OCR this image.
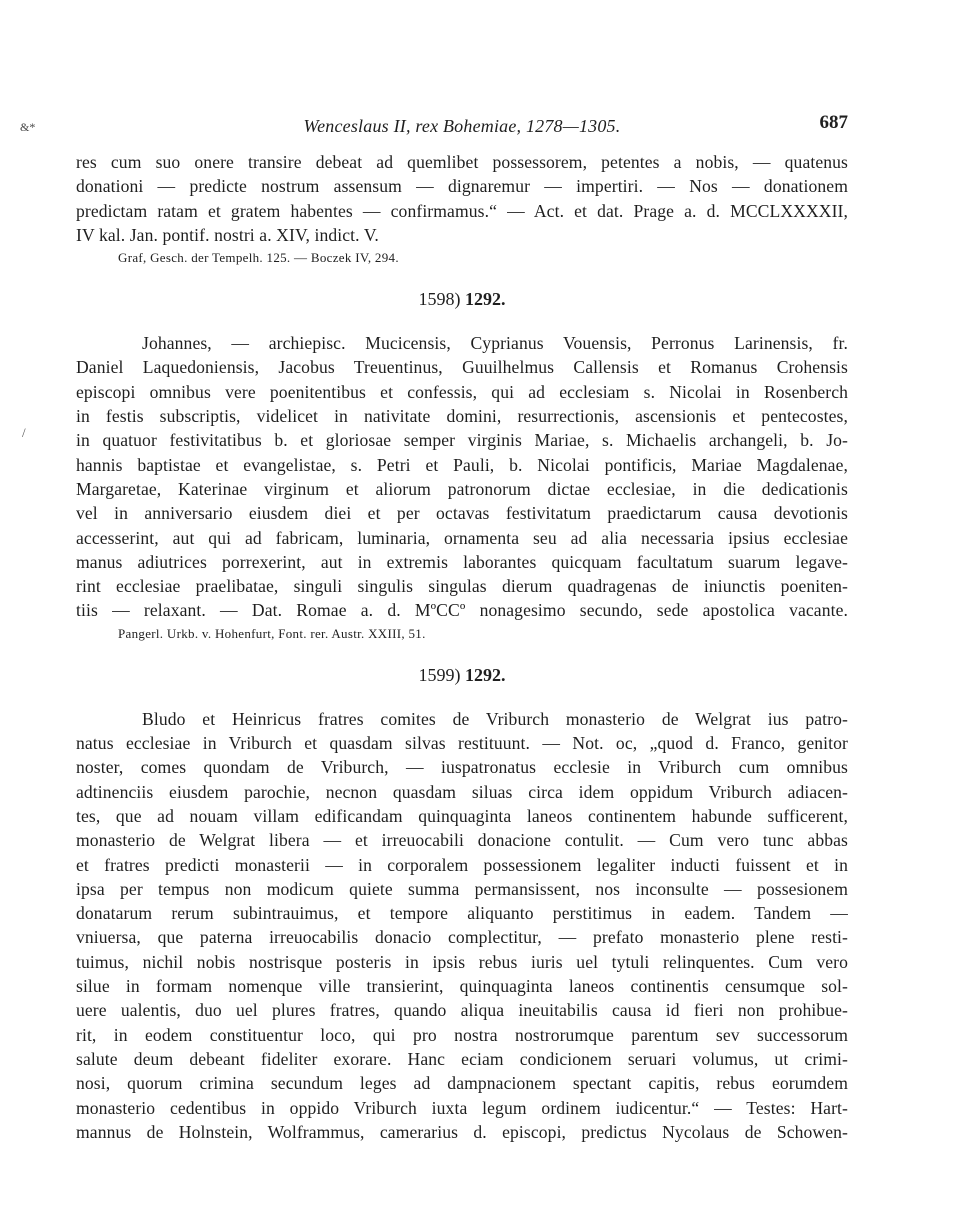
&*
/
Wenceslaus II, rex Bohemiae, 1278—1305.	687
res cum suo onere transire debeat ad quemlibet possessorem, petentes a nobis, — quatenus
donationi — predicte nostrum assensum — dignaremur — impertiri. — Nos — donationem
predictam ratam et gratem habentes — confirmamus.“ — Act. et dat. Prage a. d. MCCLXXXXII,
IV kal. Jan. pontif. nostri a. XIV, indict. V.
Graf, Gesch. der Tempelh. 125. — Boczek IV, 294.
1598) 1292.
Johannes, — archiepisc. Mucicensis, Cyprianus Vouensis, Perronus Larinensis, fr.
Daniel Laquedoniensis, Jacobus Treuentinus, Guuilhelmus Callensis et Romanus Crohensis
episcopi omnibus vere poenitentibus et confessis, qui ad ecclesiam s. Nicolai in Rosenberch
in festis subscriptis, videlicet in nativitate domini, resurrectionis, ascensionis et pentecostes,
in quatuor festivitatibus b. et gloriosae semper virginis Mariae, s. Michaelis archangeli, b. Jo-
hannis baptistae et evangelistae, s. Petri et Pauli, b. Nicolai pontificis, Mariae Magdalenae,
Margaretae, Katerinae virginum et aliorum patronorum dictae ecclesiae, in die dedicationis
vel in anniversario eiusdem diei et per octavas festivitatum praedictarum causa devotionis
accesserint, aut qui ad fabricam, luminaria, ornamenta seu ad alia necessaria ipsius ecclesiae
manus adiutrices porrexerint, aut in extremis laborantes quicquam facultatum suarum legave-
rint ecclesiae praelibatae, singuli singulis singulas dierum quadragenas de iniunctis poeniten-
tiis — relaxant. — Dat. Romae a. d. MºCCº nonagesimo secundo, sede apostolica vacante.
Pangerl. Urkb. v. Hohenfurt, Font. rer. Austr. XXIII, 51.
1599) 1292.
Bludo et Heinricus fratres comites de Vriburch monasterio de Welgrat ius patro-
natus ecclesiae in Vriburch et quasdam silvas restituunt. — Not. oc, „quod d. Franco, genitor
noster, comes quondam de Vriburch, — iuspatronatus ecclesie in Vriburch cum omnibus
adtinenciis eiusdem parochie, necnon quasdam siluas circa idem oppidum Vriburch adiacen-
tes, que ad nouam villam edificandam quinquaginta laneos continentem habunde sufficerent,
monasterio de Welgrat libera — et irreuocabili donacione contulit. — Cum vero tunc abbas
et fratres predicti monasterii — in corporalem possessionem legaliter inducti fuissent et in
ipsa per tempus non modicum quiete summa permansissent, nos inconsulte — possesionem
donatarum rerum subintrauimus, et tempore aliquanto perstitimus in eadem. Tandem —
vniuersa, que paterna irreuocabilis donacio complectitur, — prefato monasterio plene resti-
tuimus, nichil nobis nostrisque posteris in ipsis rebus iuris uel tytuli relinquentes. Cum vero
silue in formam nomenque ville transierint, quinquaginta laneos continentis censumque sol-
uere ualentis, duo uel plures fratres, quando aliqua ineuitabilis causa id fieri non prohibue-
rit, in eodem constituentur loco, qui pro nostra nostrorumque parentum sev successorum
salute deum debeant fideliter exorare. Hanc eciam condicionem seruari volumus, ut crimi-
nosi, quorum crimina secundum leges ad dampnacionem spectant capitis, rebus eorumdem
monasterio cedentibus in oppido Vriburch iuxta legum ordinem iudicentur.“ — Testes: Hart-
mannus de Holnstein, Wolframmus, camerarius d. episcopi, predictus Nycolaus de Schowen-
